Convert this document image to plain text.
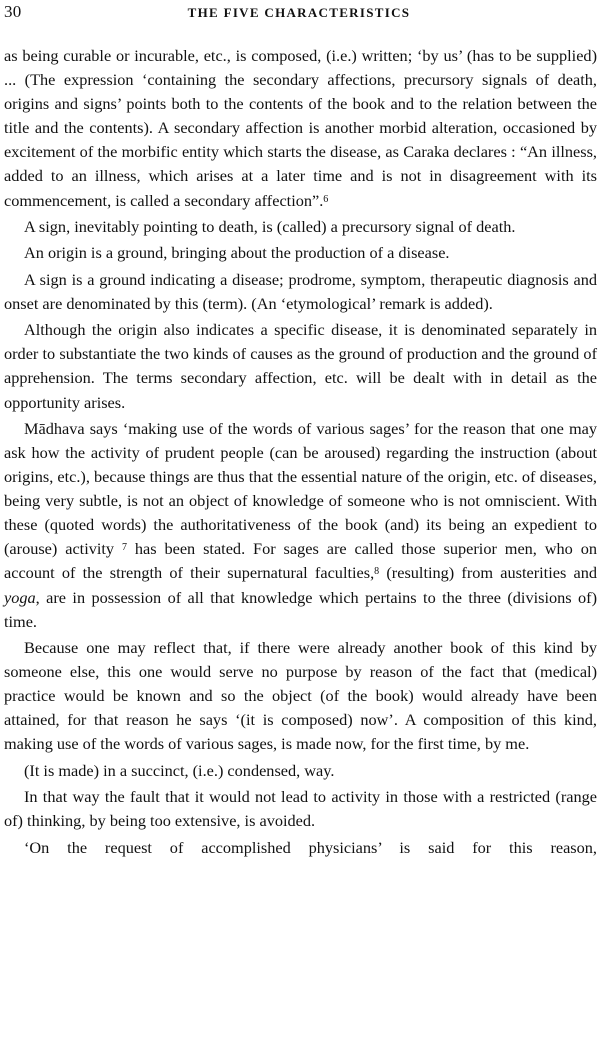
30	THE FIVE CHARACTERISTICS

as being curable or incurable, etc., is composed, (i.e.) written; ‘by us’ (has to be supplied) ... (The expression ‘containing the secondary affections, precursory signals of death, origins and signs’ points both to the contents of the book and to the relation between the title and the contents). A secondary affection is another morbid alteration, occasioned by excitement of the morbific entity which starts the disease, as Caraka declares : “An illness, added to an illness, which arises at a later time and is not in disagreement with its commencement, is called a secondary affection”.$^6$

A sign, inevitably pointing to death, is (called) a precursory signal of death.

An origin is a ground, bringing about the production of a disease.

A sign is a ground indicating a disease; prodrome, symptom, therapeutic diagnosis and onset are denominated by this (term). (An ‘etymological’ remark is added).

Although the origin also indicates a specific disease, it is denominated separately in order to substantiate the two kinds of causes as the ground of production and the ground of apprehension. The terms secondary affection, etc. will be dealt with in detail as the opportunity arises.

Mādhava says ‘making use of the words of various sages’ for the reason that one may ask how the activity of prudent people (can be aroused) regarding the instruction (about origins, etc.), because things are thus that the essential nature of the origin, etc. of diseases, being very subtle, is not an object of knowledge of someone who is not omniscient. With these (quoted words) the authoritativeness of the book (and) its being an expedient to (arouse) activity $^7$ has been stated. For sages are called those superior men, who on account of the strength of their supernatural faculties,$^8$ (resulting) from austerities and yoga, are in possession of all that knowledge which pertains to the three (divisions of) time.

Because one may reflect that, if there were already another book of this kind by someone else, this one would serve no purpose by reason of the fact that (medical) practice would be known and so the object (of the book) would already have been attained, for that reason he says ‘(it is composed) now’. A composition of this kind, making use of the words of various sages, is made now, for the first time, by me.

(It is made) in a succinct, (i.e.) condensed, way.

In that way the fault that it would not lead to activity in those with a restricted (range of) thinking, by being too extensive, is avoided.

‘On the request of accomplished physicians’ is said for this reason,
